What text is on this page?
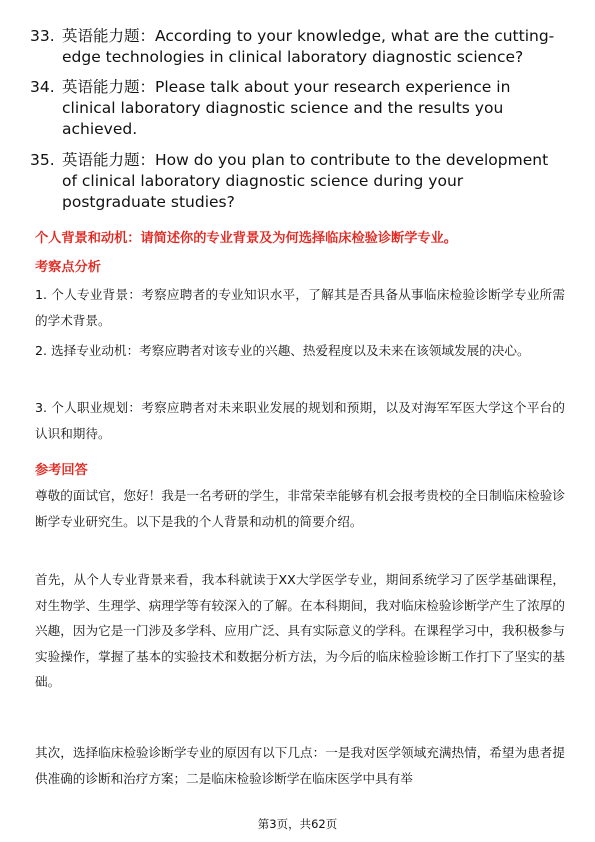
33. 英语能力题：According to your knowledge, what are the cutting-edge technologies in clinical laboratory diagnostic science?
34. 英语能力题：Please talk about your research experience in clinical laboratory diagnostic science and the results you achieved.
35. 英语能力题：How do you plan to contribute to the development of clinical laboratory diagnostic science during your postgraduate studies?
个人背景和动机：请简述你的专业背景及为何选择临床检验诊断学专业。
考察点分析
1. 个人专业背景：考察应聘者的专业知识水平，了解其是否具备从事临床检验诊断学专业所需的学术背景。
2. 选择专业动机：考察应聘者对该专业的兴趣、热爱程度以及未来在该领域发展的决心。
3. 个人职业规划：考察应聘者对未来职业发展的规划和预期，以及对海军军医大学这个平台的认识和期待。
参考回答
尊敬的面试官，您好！我是一名考研的学生，非常荣幸能够有机会报考贵校的全日制临床检验诊断学专业研究生。以下是我的个人背景和动机的简要介绍。
首先，从个人专业背景来看，我本科就读于XX大学医学专业，期间系统学习了医学基础课程，对生物学、生理学、病理学等有较深入的了解。在本科期间，我对临床检验诊断学产生了浓厚的兴趣，因为它是一门涉及多学科、应用广泛、具有实际意义的学科。在课程学习中，我积极参与实验操作，掌握了基本的实验技术和数据分析方法，为今后的临床检验诊断工作打下了坚实的基础。
其次，选择临床检验诊断学专业的原因有以下几点：一是我对医学领域充满热情，希望为患者提供准确的诊断和治疗方案；二是临床检验诊断学在临床医学中具有举
第3页，共62页
